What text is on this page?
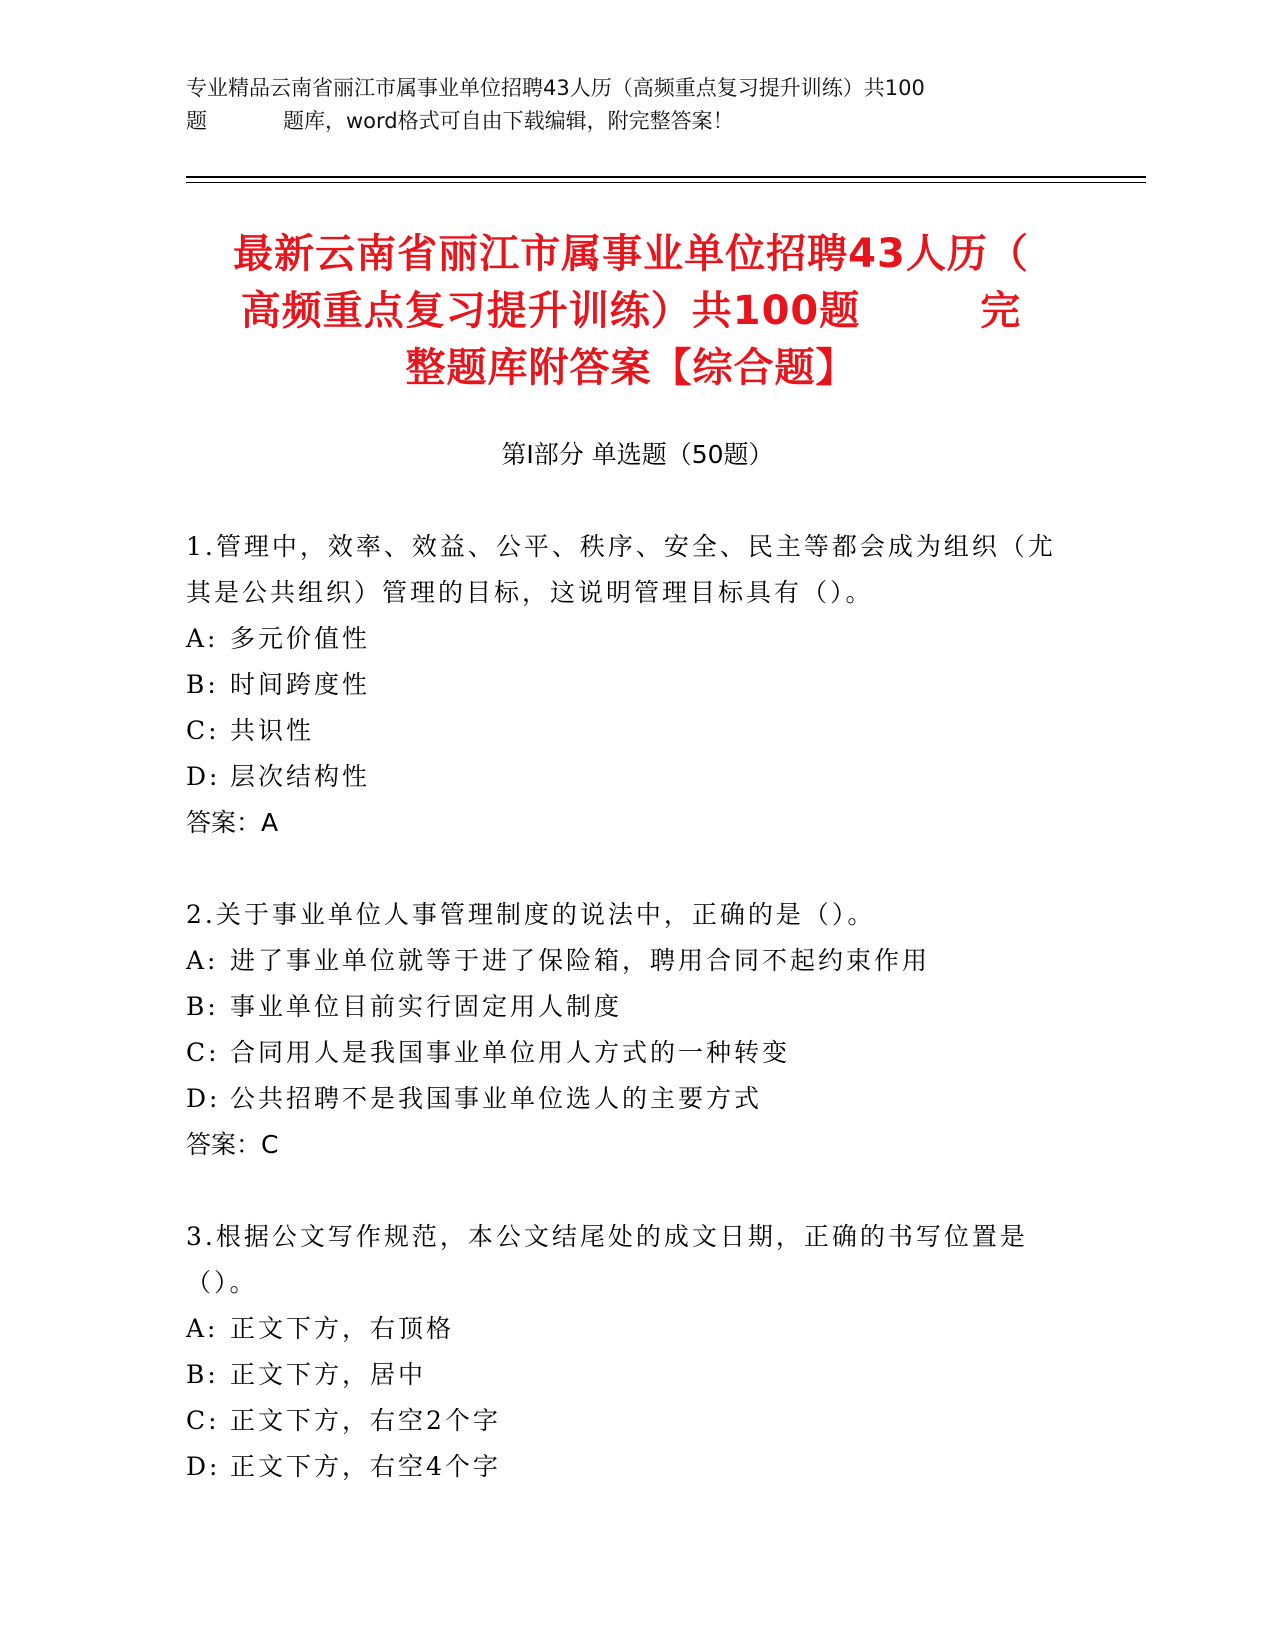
专业精品云南省丽江市属事业单位招聘43人历（高频重点复习提升训练）共100
题	题库，word格式可自由下载编辑，附完整答案！
最新云南省丽江市属事业单位招聘43人历（
高频重点复习提升训练）共100题	完
整题库附答案【综合题】
第Ⅰ部分 单选题（50题）
1.管理中，效率、效益、公平、秩序、安全、民主等都会成为组织（尤其是公共组织）管理的目标，这说明管理目标具有（）。
A: 多元价值性
B: 时间跨度性
C: 共识性
D: 层次结构性
答案：A
2.关于事业单位人事管理制度的说法中，正确的是（）。
A: 进了事业单位就等于进了保险箱，聘用合同不起约束作用
B: 事业单位目前实行固定用人制度
C: 合同用人是我国事业单位用人方式的一种转变
D: 公共招聘不是我国事业单位选人的主要方式
答案：C
3.根据公文写作规范，本公文结尾处的成文日期，正确的书写位置是（）。
A: 正文下方，右顶格
B: 正文下方，居中
C: 正文下方，右空2个字
D: 正文下方，右空4个字
